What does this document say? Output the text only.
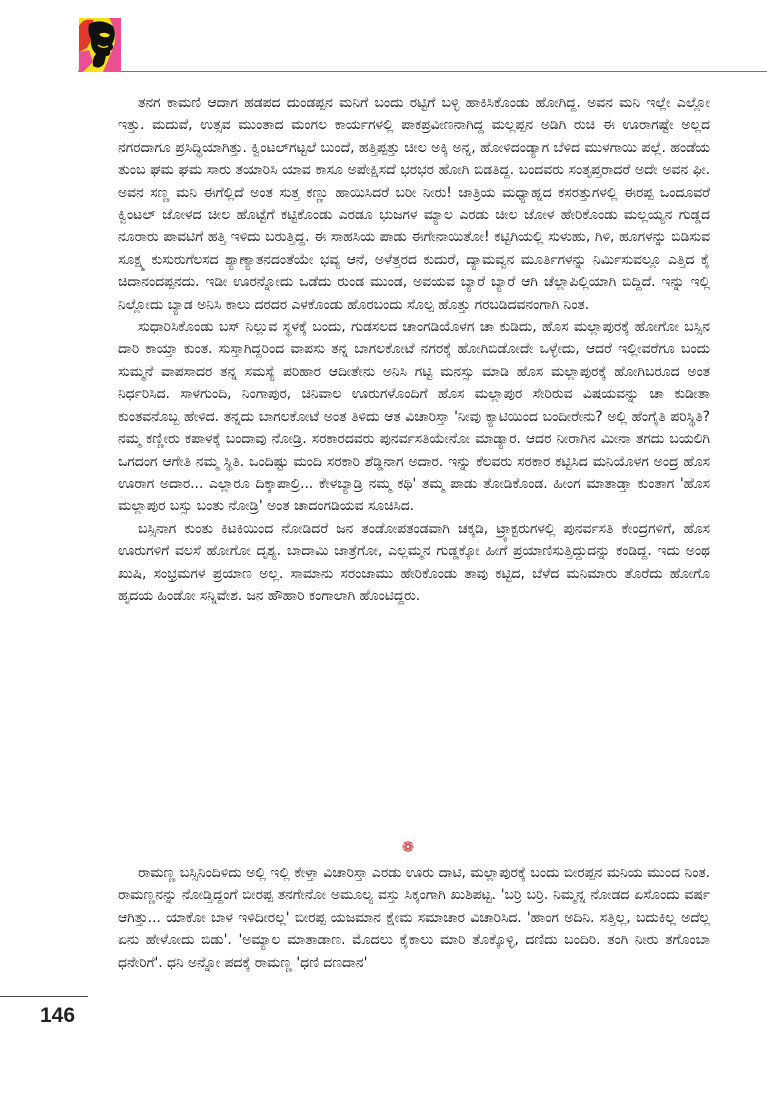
ತನಗ ಕಾಮಣಿ ಆದಾಗ ಹಡಪದ ದುಂಡಪ್ಪನ ಮನಿಗೆ ಬಂದು ರಟ್ಟಿಗೆ ಬಳ್ಳಿ ಹಾಕಿಸಿಕೊಂಡು ಹೋಗಿದ್ದ. ಅವನ ಮನಿ ಇಲ್ಲೇ ಎಲ್ಲೋ ಇತ್ತು. ಮದುವೆ, ಉತ್ಸವ ಮುಂತಾದ ಮಂಗಲ ಕಾರ್ಯಗಳಲ್ಲಿ ಪಾಕಪ್ರವೀಣನಾಗಿದ್ದ ಮಲ್ಲಪ್ಪನ ಅಡಿಗಿ ರುಚಿ ಈ ಊರಾಗಷ್ಟೇ ಅಲ್ಲದ ನಗರದಾಗೂ ಪ್ರಸಿದ್ಧಿಯಾಗಿತ್ತು. ಕ್ವಿಂಟಲ್‌ಗಟ್ಟಲೆ ಬುಂದೆ, ಹತ್ತಿಪ್ಪತ್ತು ಚೀಲ ಅಕ್ಕಿ ಅನ್ನ, ಹೋಳಿದಂಡ್ಯಾಗ ಬೆಳಿದ ಮುಳಗಾಯಿ ಪಲ್ಲೆ. ಹಂಡೆಯ ತುಂಬ ಘಮ ಘಮ ಸಾರು ತಯಾರಿಸಿ ಯಾವ ಕಾಸೂ ಅಪೇಕ್ಷಿಸದೆ ಭರಭರ ಹೋಗಿ ಬಿಡತಿದ್ದ. ಬಂದವರು ಸಂತೃಪ್ತರಾದರೆ ಅದೇ ಅವನ ಫೀ. ಅವನ ಸಣ್ಣ ಮನಿ ಈಗೆಲ್ಲಿದೆ ಅಂತ ಸುತ್ತ ಕಣ್ಣು ಹಾಯಿಸಿದರೆ ಬರೀ ನೀರು! ಜಾತ್ರಿಯ ಮಧ್ಯಾಹ್ನದ ಕಸರತ್ತುಗಳಲ್ಲಿ ಈರಪ್ಪ ಒಂದೂವರೆ ಕ್ವಿಂಟಲ್ ಜೋಳದ ಚೀಲ ಹೊಟ್ಟೆಗೆ ಕಟ್ಟಿಕೊಂಡು ಎರಡೂ ಭುಜಗಳ ಮ್ಯಾಲ ಎರಡು ಚೀಲ ಜೋಳ ಹೇರಿಕೊಂಡು ಮಲ್ಲಯ್ಯನ ಗುಡ್ಡದ ನೂರಾರು ಪಾವಟಿಗೆ ಹತ್ತಿ ಇಳಿದು ಬರುತ್ತಿದ್ದ. ಈ ಸಾಹಸಿಯ ಪಾಡು ಈಗೇನಾಯಿತೋ! ಕಟ್ಟಿಗಿಯಲ್ಲಿ ಸುಳುಹು, ಗಿಳಿ, ಹೂಗಳನ್ನು ಬಿಡಿಸುವ ಸೂಕ್ಷ್ಮ ಕುಸುರುಗೆಲಸದ ಶ್ಯಾಣ್ಯಾತನದಂತೆಯೇ ಭವ್ಯ ಆನೆ, ಅಳೆತ್ತರದ ಕುದುರೆ, ದ್ಯಾಮವ್ವನ ಮೂರ್ತಿಗಳನ್ನು ನಿರ್ಮಿಸುವಲ್ಲೂ ಎತ್ತಿದ ಕೈ ಚಿದಾನಂದಪ್ಪನದು. ಇಡೀ ಊರನ್ನೋದು ಒಡೆದು ರುಂಡ ಮುಂಡ, ಅವಯವ ಬ್ಯಾರೆ ಬ್ಯಾರೆ ಆಗಿ ಚೆಲ್ಲಾಪಿಲ್ಲಿಯಾಗಿ ಬಿದ್ದಿದೆ. ಇನ್ನು ಇಲ್ಲಿ ನಿಲ್ಲೋದು ಬ್ಯಾಡ ಅನಿಸಿ ಕಾಲು ದರದರ ಎಳಕೊಂಡು ಹೊರಬಂದು ಸೊಲ್ಪ ಹೊತ್ತು ಗರಬಡಿದವನಂಗಾಗಿ ನಿಂತ.

ಸುಧಾರಿಸಿಕೊಂಡು ಬಸ್ ನಿಲ್ಲುವ ಸ್ಥಳಕ್ಕೆ ಬಂದು, ಗುಡಸಲದ ಚಾಂಗಡಿಯೊಳಗ ಚಾ ಕುಡಿದು, ಹೊಸ ಮಲ್ಲಾಪುರಕ್ಕೆ ಹೋಗೋ ಬಸ್ಸಿನ ದಾರಿ ಕಾಯ್ತಾ ಕುಂತ. ಸುಸ್ತಾಗಿದ್ದರಿಂದ ವಾಪಸು ತನ್ನ ಬಾಗಲಕೋಟೆ ನಗರಕ್ಕೆ ಹೋಗಿಬಿಡೋದೇ ಒಳ್ಳೇದು, ಆದರೆ ಇಲ್ಲೀವರೆಗೂ ಬಂದು ಸುಮ್ಮನೆ ವಾಪಸಾದರ ತನ್ನ ಸಮಸ್ಯೆ ಪರಿಹಾರ ಆದೀತೇನು ಅನಿಸಿ ಗಟ್ಟಿ ಮನಸ್ಸು ಮಾಡಿ ಹೊಸ ಮಲ್ಲಾಪುರಕ್ಕೆ ಹೋಗಿಬರೂದ ಅಂತ ನಿರ್ಧರಿಸಿದ. ಸಾಳಗುಂದಿ, ನಿಂಗಾಪುರ, ಚಿನಿವಾಲ ಊರುಗಳೊಂದಿಗೆ ಹೊಸ ಮಲ್ಲಾಪುರ ಸೇರಿರುವ ವಿಷಯವನ್ನು ಚಾ ಕುಡೀತಾ ಕುಂತವನೊಬ್ಬ ಹೇಳಿದ. ತನ್ನದು ಬಾಗಲಕೋಟೆ ಅಂತ ತಿಳಿದು ಆತ ವಿಚಾರಿಸ್ತಾ 'ನೀವು ಕ್ಯಾಟಿಯಿಂದ ಬಂದೀರೇನು? ಅಲ್ಲಿ ಹೆಂಗೈತಿ ಪರಿಸ್ಥಿತಿ? ನಮ್ಮ ಕಣ್ಣೀರು ಕಪಾಳಕ್ಕೆ ಬಂದಾವು ನೋಡ್ರಿ. ಸರಕಾರದವರು ಪುನರ್ವಸತಿಯೇನೋ ಮಾಡ್ಯಾರ. ಆದರ ನೀರಾಗಿನ ಮೀನಾ ತಗದು ಬಯಲಿಗಿ ಒಗದಂಗ ಆಗೇತಿ ನಮ್ಮ ಸ್ಥಿತಿ. ಒಂದಿಷ್ಟು ಮಂದಿ ಸರಕಾರಿ ಶೆಡ್ಡಿನಾಗ ಅದಾರ. ಇನ್ನು ಕೆಲವರು ಸರಕಾರ ಕಟ್ಟಿಸಿದ ಮನಿಯೊಳಗ ಅಂದ್ರ ಹೊಸ ಊರಾಗ ಅದಾರ... ಎಲ್ಲಾರೂ ದಿಕ್ಕಾಪಾಲ್ರಿ... ಕೇಳಬ್ಯಾಡ್ರಿ ನಮ್ಮ ಕಥಿ' ತಮ್ಮ ಪಾಡು ತೋಡಿಕೊಂಡ. ಹೀಂಗ ಮಾತಾಡ್ತಾ ಕುಂತಾಗ 'ಹೊಸ ಮಲ್ಲಾಪುರ ಬಸ್ಸು ಬಂತು ನೋಡ್ರಿ' ಅಂತ ಚಾದಂಗಡಿಯವ ಸೂಚಿಸಿದ.

ಬಸ್ಸಿನಾಗ ಕುಂತು ಕಿಟಕಿಯಿಂದ ನೋಡಿದರೆ ಜನ ತಂಡೋಪತಂಡವಾಗಿ ಚಕ್ಕಡಿ, ಟ್ರ್ಯಾಕ್ಟರುಗಳಲ್ಲಿ ಪುನರ್ವಸತಿ ಕೇಂದ್ರಗಳಿಗೆ, ಹೊಸ ಊರುಗಳಿಗೆ ವಲಸೆ ಹೋಗೋ ದೃಶ್ಯ. ಬಾದಾಮಿ ಜಾತ್ರೆಗೋ, ಎಲ್ಲಮ್ಮನ ಗುಡ್ಡಕ್ಕೋ ಹೀಗೆ ಪ್ರಯಾಣಿಸುತ್ತಿದ್ದುದನ್ನು ಕಂಡಿದ್ದ. ಇದು ಅಂಥ ಖುಷಿ, ಸಂಭ್ರಮಗಳ ಪ್ರಯಾಣ ಅಲ್ಲ. ಸಾಮಾನು ಸರಂಜಾಮು ಹೇರಿಕೊಂಡು ತಾವು ಕಟ್ಟಿದ, ಬೆಳೆದ ಮನಿಮಾರು ತೊರೆದು ಹೋಗೊ ಹೃದಯ ಹಿಂಡೋ ಸನ್ನಿವೇಶ. ಜನ ಹೌಹಾರಿ ಕಂಗಾಲಾಗಿ ಹೊಂಟಿದ್ದರು.

❁

ರಾಮಣ್ಣ ಬಸ್ಸಿನಿಂದಿಳಿದು ಅಲ್ಲಿ ಇಲ್ಲಿ ಕೇಳ್ತಾ ವಿಚಾರಿಸ್ತಾ ಎರಡು ಊರು ದಾಟಿ, ಮಲ್ಲಾಪುರಕ್ಕೆ ಬಂದು ಬೀರಪ್ಪನ ಮನಿಯ ಮುಂದ ನಿಂತ. ರಾಮಣ್ಣನನ್ನು ನೋಡ್ತಿದ್ದಂಗೆ ಬೀರಪ್ಪ ತನಗೇನೋ ಅಮೂಲ್ಯ ವಸ್ತು ಸಿಕ್ಕಂಗಾಗಿ ಖುಶಿಪಟ್ಟ. 'ಬರ್ರಿ ಬರ್ರಿ. ನಿಮ್ಮನ್ನ ನೋಡದ ಏಸೊಂದು ವರ್ಷ ಆಗಿತ್ತು... ಯಾಕೋ ಬಾಳ ಇಳಿದೀರಲ್ಲ' ಬೀರಪ್ಪ ಯಜಮಾನ ಕ್ಷೇಮ ಸಮಾಚಾರ ವಿಚಾರಿಸಿದ. 'ಹಾಂಗ ಅದಿನಿ. ಸತ್ತಿಲ್ಲ, ಬದುಕಿಲ್ಲ ಅದೆಲ್ಲ ಏನು ಹೇಳೋದು ಬಿಡು'. 'ಅಮ್ಯಾಲ ಮಾತಾಡಾಣ. ಮೊದಲು ಕೈಕಾಲು ಮಾರಿ ತೊಕ್ಕೊಳ್ಳಿ, ದಣಿದು ಬಂದಿರಿ. ತಂಗಿ ನೀರು ತಗೊಂಬಾ ಧನೇರಿಗೆ'. ಧನಿ ಅನ್ನೋ ಪದಕ್ಕೆ ರಾಮಣ್ಣ 'ಧಣಿ ದಣದಾನ'

146
